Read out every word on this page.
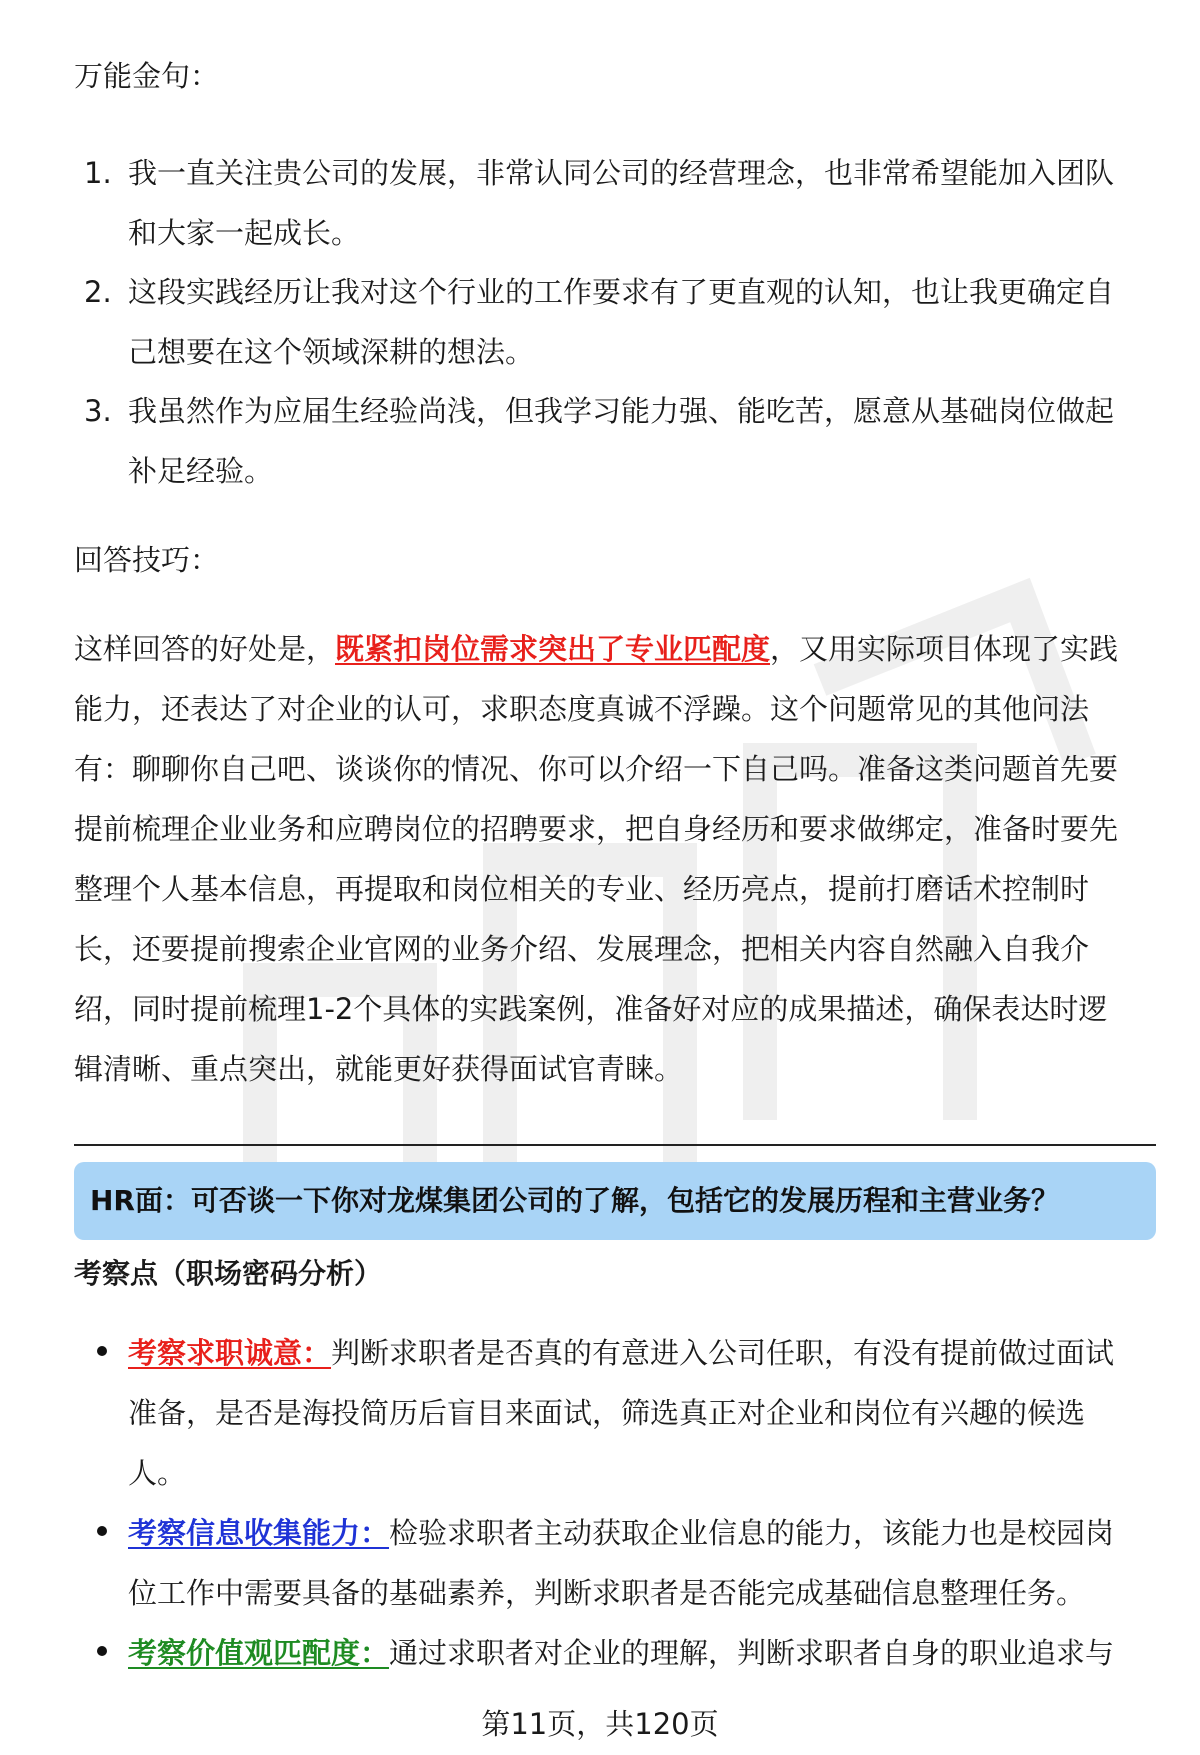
万能金句：
1. 我一直关注贵公司的发展，非常认同公司的经营理念，也非常希望能加入团队
和大家一起成长。
2. 这段实践经历让我对这个行业的工作要求有了更直观的认知，也让我更确定自
己想要在这个领域深耕的想法。
3. 我虽然作为应届生经验尚浅，但我学习能力强、能吃苦，愿意从基础岗位做起
补足经验。
回答技巧：
这样回答的好处是，既紧扣岗位需求突出了专业匹配度，又用实际项目体现了实践
能力，还表达了对企业的认可，求职态度真诚不浮躁。这个问题常见的其他问法
有：聊聊你自己吧、谈谈你的情况、你可以介绍一下自己吗。准备这类问题首先要
提前梳理企业业务和应聘岗位的招聘要求，把自身经历和要求做绑定，准备时要先
整理个人基本信息，再提取和岗位相关的专业、经历亮点，提前打磨话术控制时
长，还要提前搜索企业官网的业务介绍、发展理念，把相关内容自然融入自我介
绍，同时提前梳理1-2个具体的实践案例，准备好对应的成果描述，确保表达时逻
辑清晰、重点突出，就能更好获得面试官青睐。
HR面：可否谈一下你对龙煤集团公司的了解，包括它的发展历程和主营业务？
考察点（职场密码分析）
考察求职诚意：判断求职者是否真的有意进入公司任职，有没有提前做过面试
准备，是否是海投简历后盲目来面试，筛选真正对企业和岗位有兴趣的候选
人。
考察信息收集能力：检验求职者主动获取企业信息的能力，该能力也是校园岗
位工作中需要具备的基础素养，判断求职者是否能完成基础信息整理任务。
考察价值观匹配度：通过求职者对企业的理解，判断求职者自身的职业追求与
第11页，共120页
